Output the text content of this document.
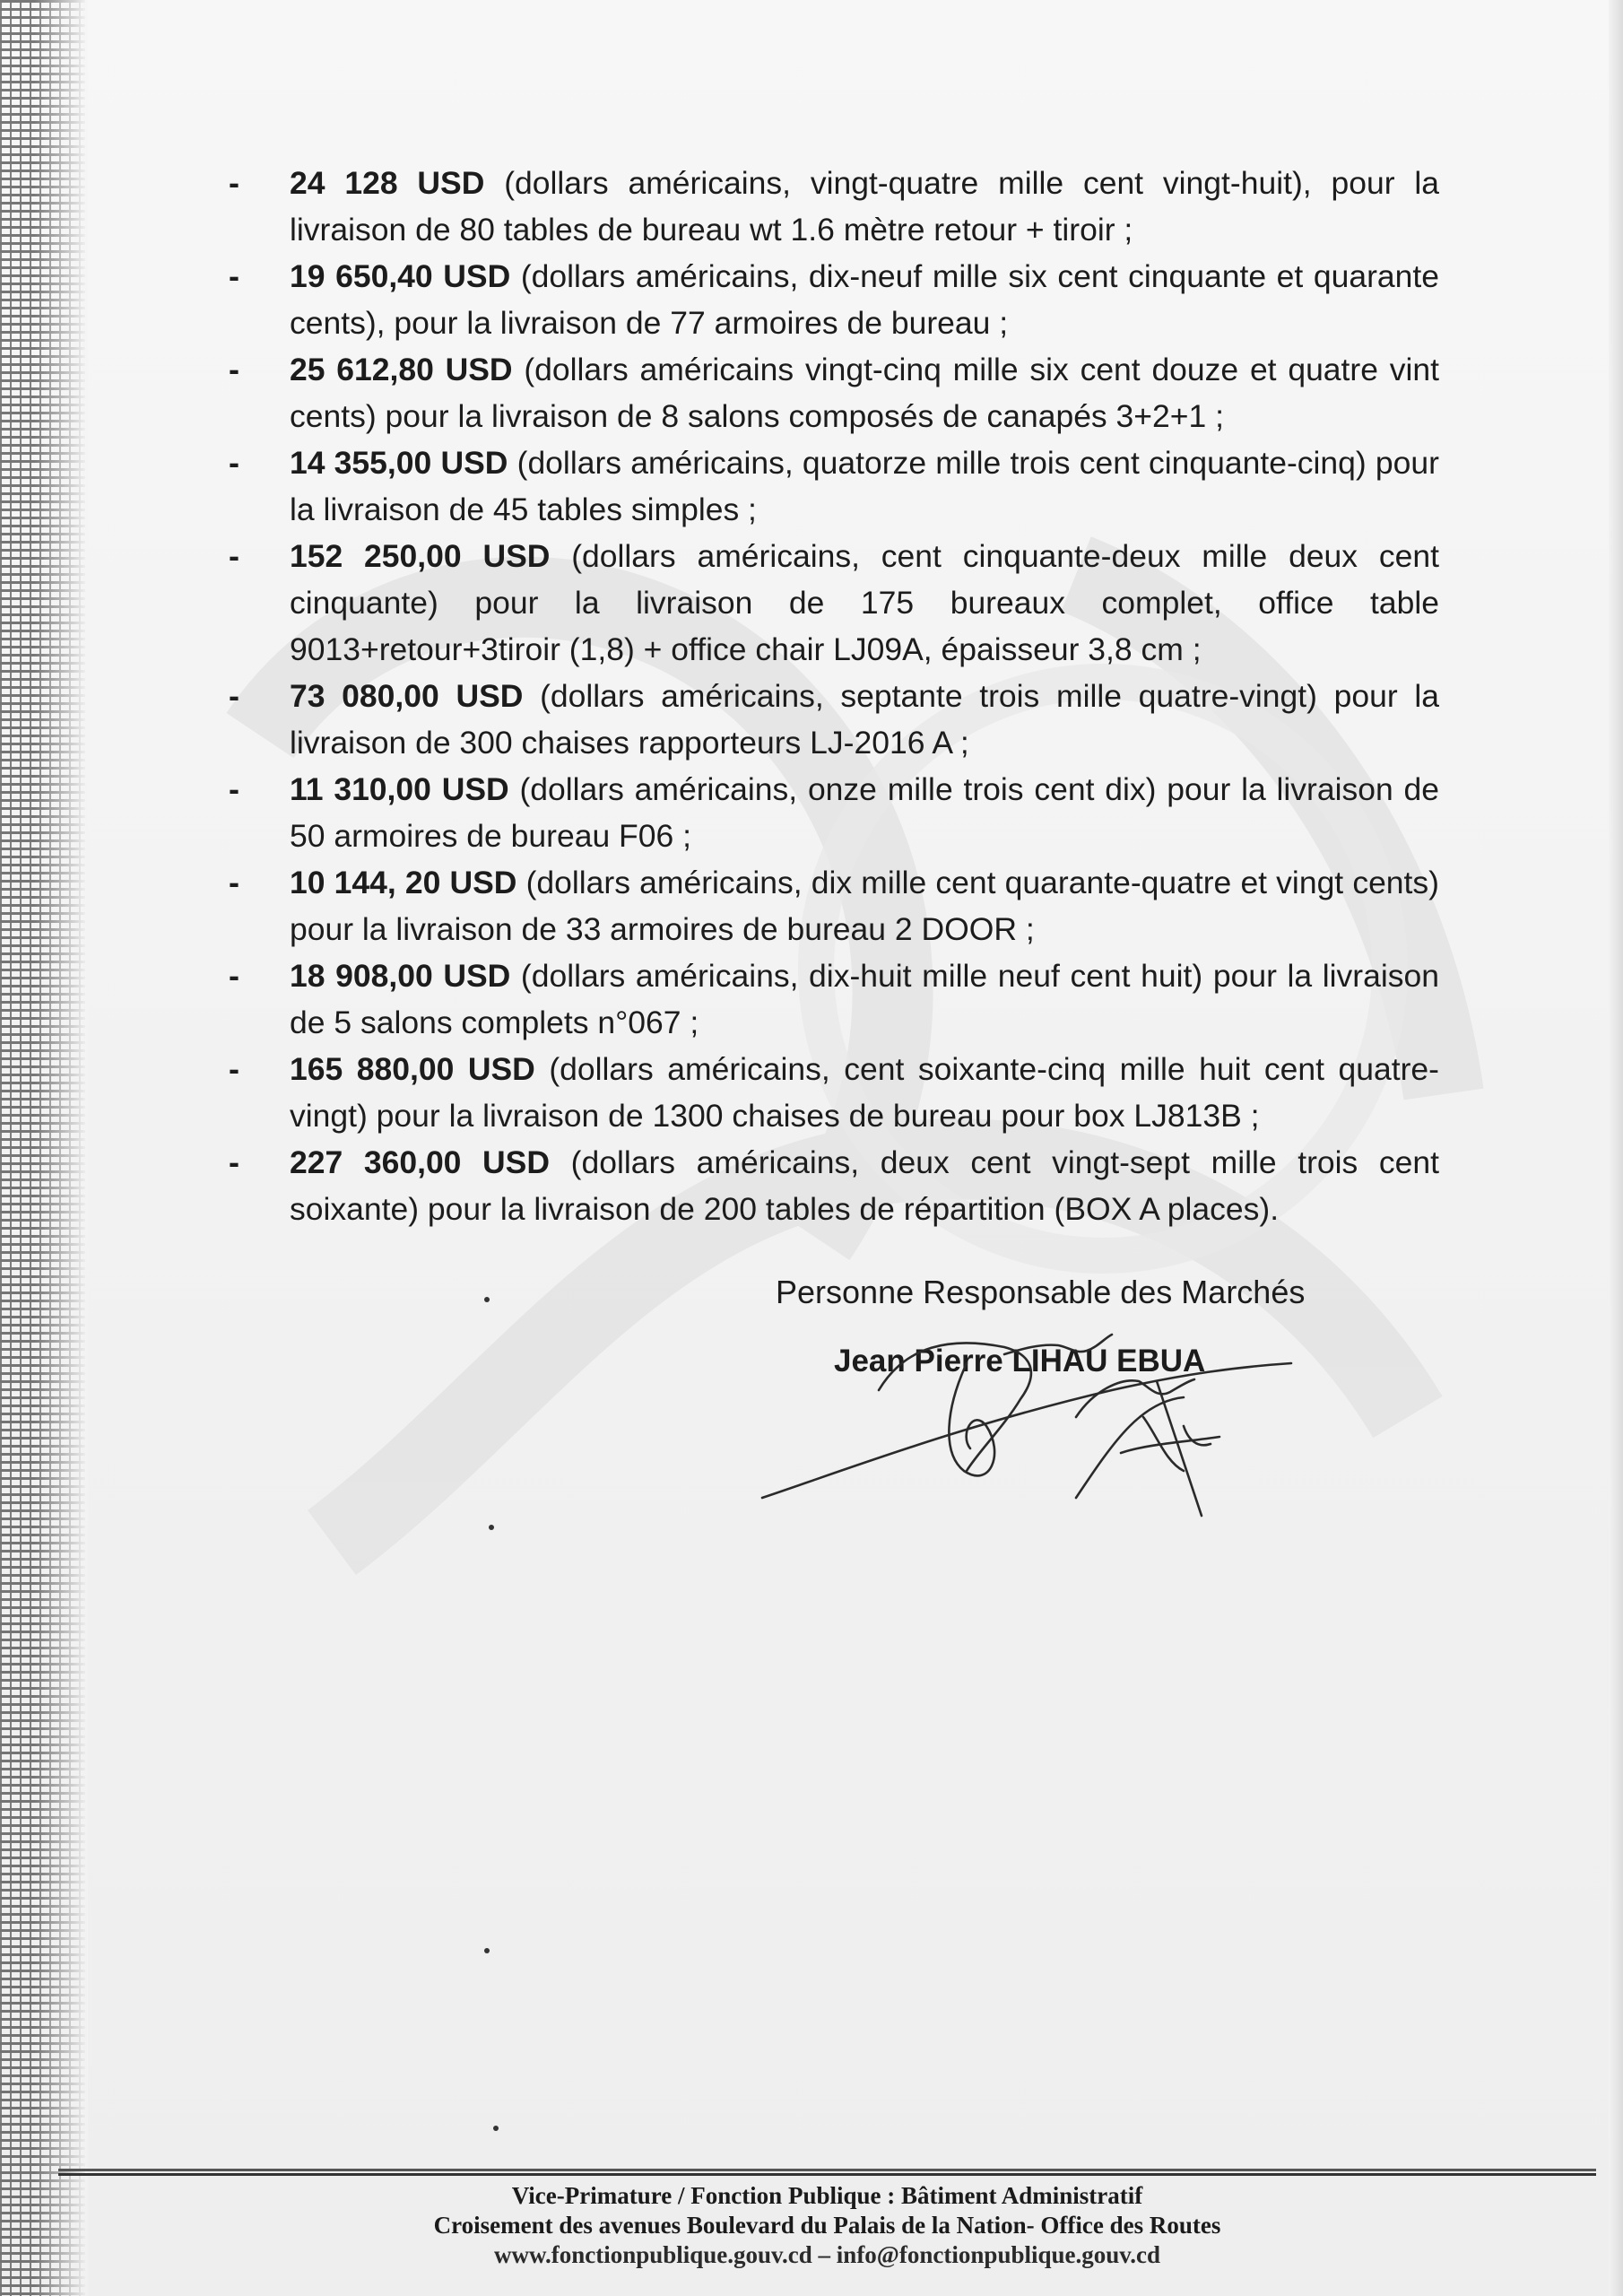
- 24 128 USD (dollars américains, vingt-quatre mille cent vingt-huit), pour la livraison de 80 tables de bureau wt 1.6 mètre retour + tiroir ;
- 19 650,40 USD (dollars américains, dix-neuf mille six cent cinquante et quarante cents), pour la livraison de 77 armoires de bureau ;
- 25 612,80 USD (dollars américains vingt-cinq mille six cent douze et quatre vint cents) pour la livraison de 8 salons composés de canapés 3+2+1 ;
- 14 355,00 USD (dollars américains, quatorze mille trois cent cinquante-cinq) pour la livraison de 45 tables simples ;
- 152 250,00 USD (dollars américains, cent cinquante-deux mille deux cent cinquante) pour la livraison de 175 bureaux complet, office table 9013+retour+3tiroir (1,8) + office chair LJ09A, épaisseur 3,8 cm ;
- 73 080,00 USD (dollars américains, septante trois mille quatre-vingt) pour la livraison de 300 chaises rapporteurs LJ-2016 A ;
- 11 310,00 USD (dollars américains, onze mille trois cent dix) pour la livraison de 50 armoires de bureau F06 ;
- 10 144, 20 USD (dollars américains, dix mille cent quarante-quatre et vingt cents) pour la livraison de 33 armoires de bureau 2 DOOR ;
- 18 908,00 USD (dollars américains, dix-huit mille neuf cent huit) pour la livraison de 5 salons complets n°067 ;
- 165 880,00 USD (dollars américains, cent soixante-cinq mille huit cent quatre-vingt) pour la livraison de 1300 chaises de bureau pour box LJ813B ;
- 227 360,00 USD (dollars américains, deux cent vingt-sept mille trois cent soixante) pour la livraison de 200 tables de répartition (BOX A places).
Personne Responsable des Marchés
Jean Pierre LIHAU EBUA
Vice-Primature / Fonction Publique : Bâtiment Administratif
Croisement des avenues Boulevard du Palais de la Nation- Office des Routes
www.fonctionpublique.gouv.cd – info@fonctionpublique.gouv.cd
